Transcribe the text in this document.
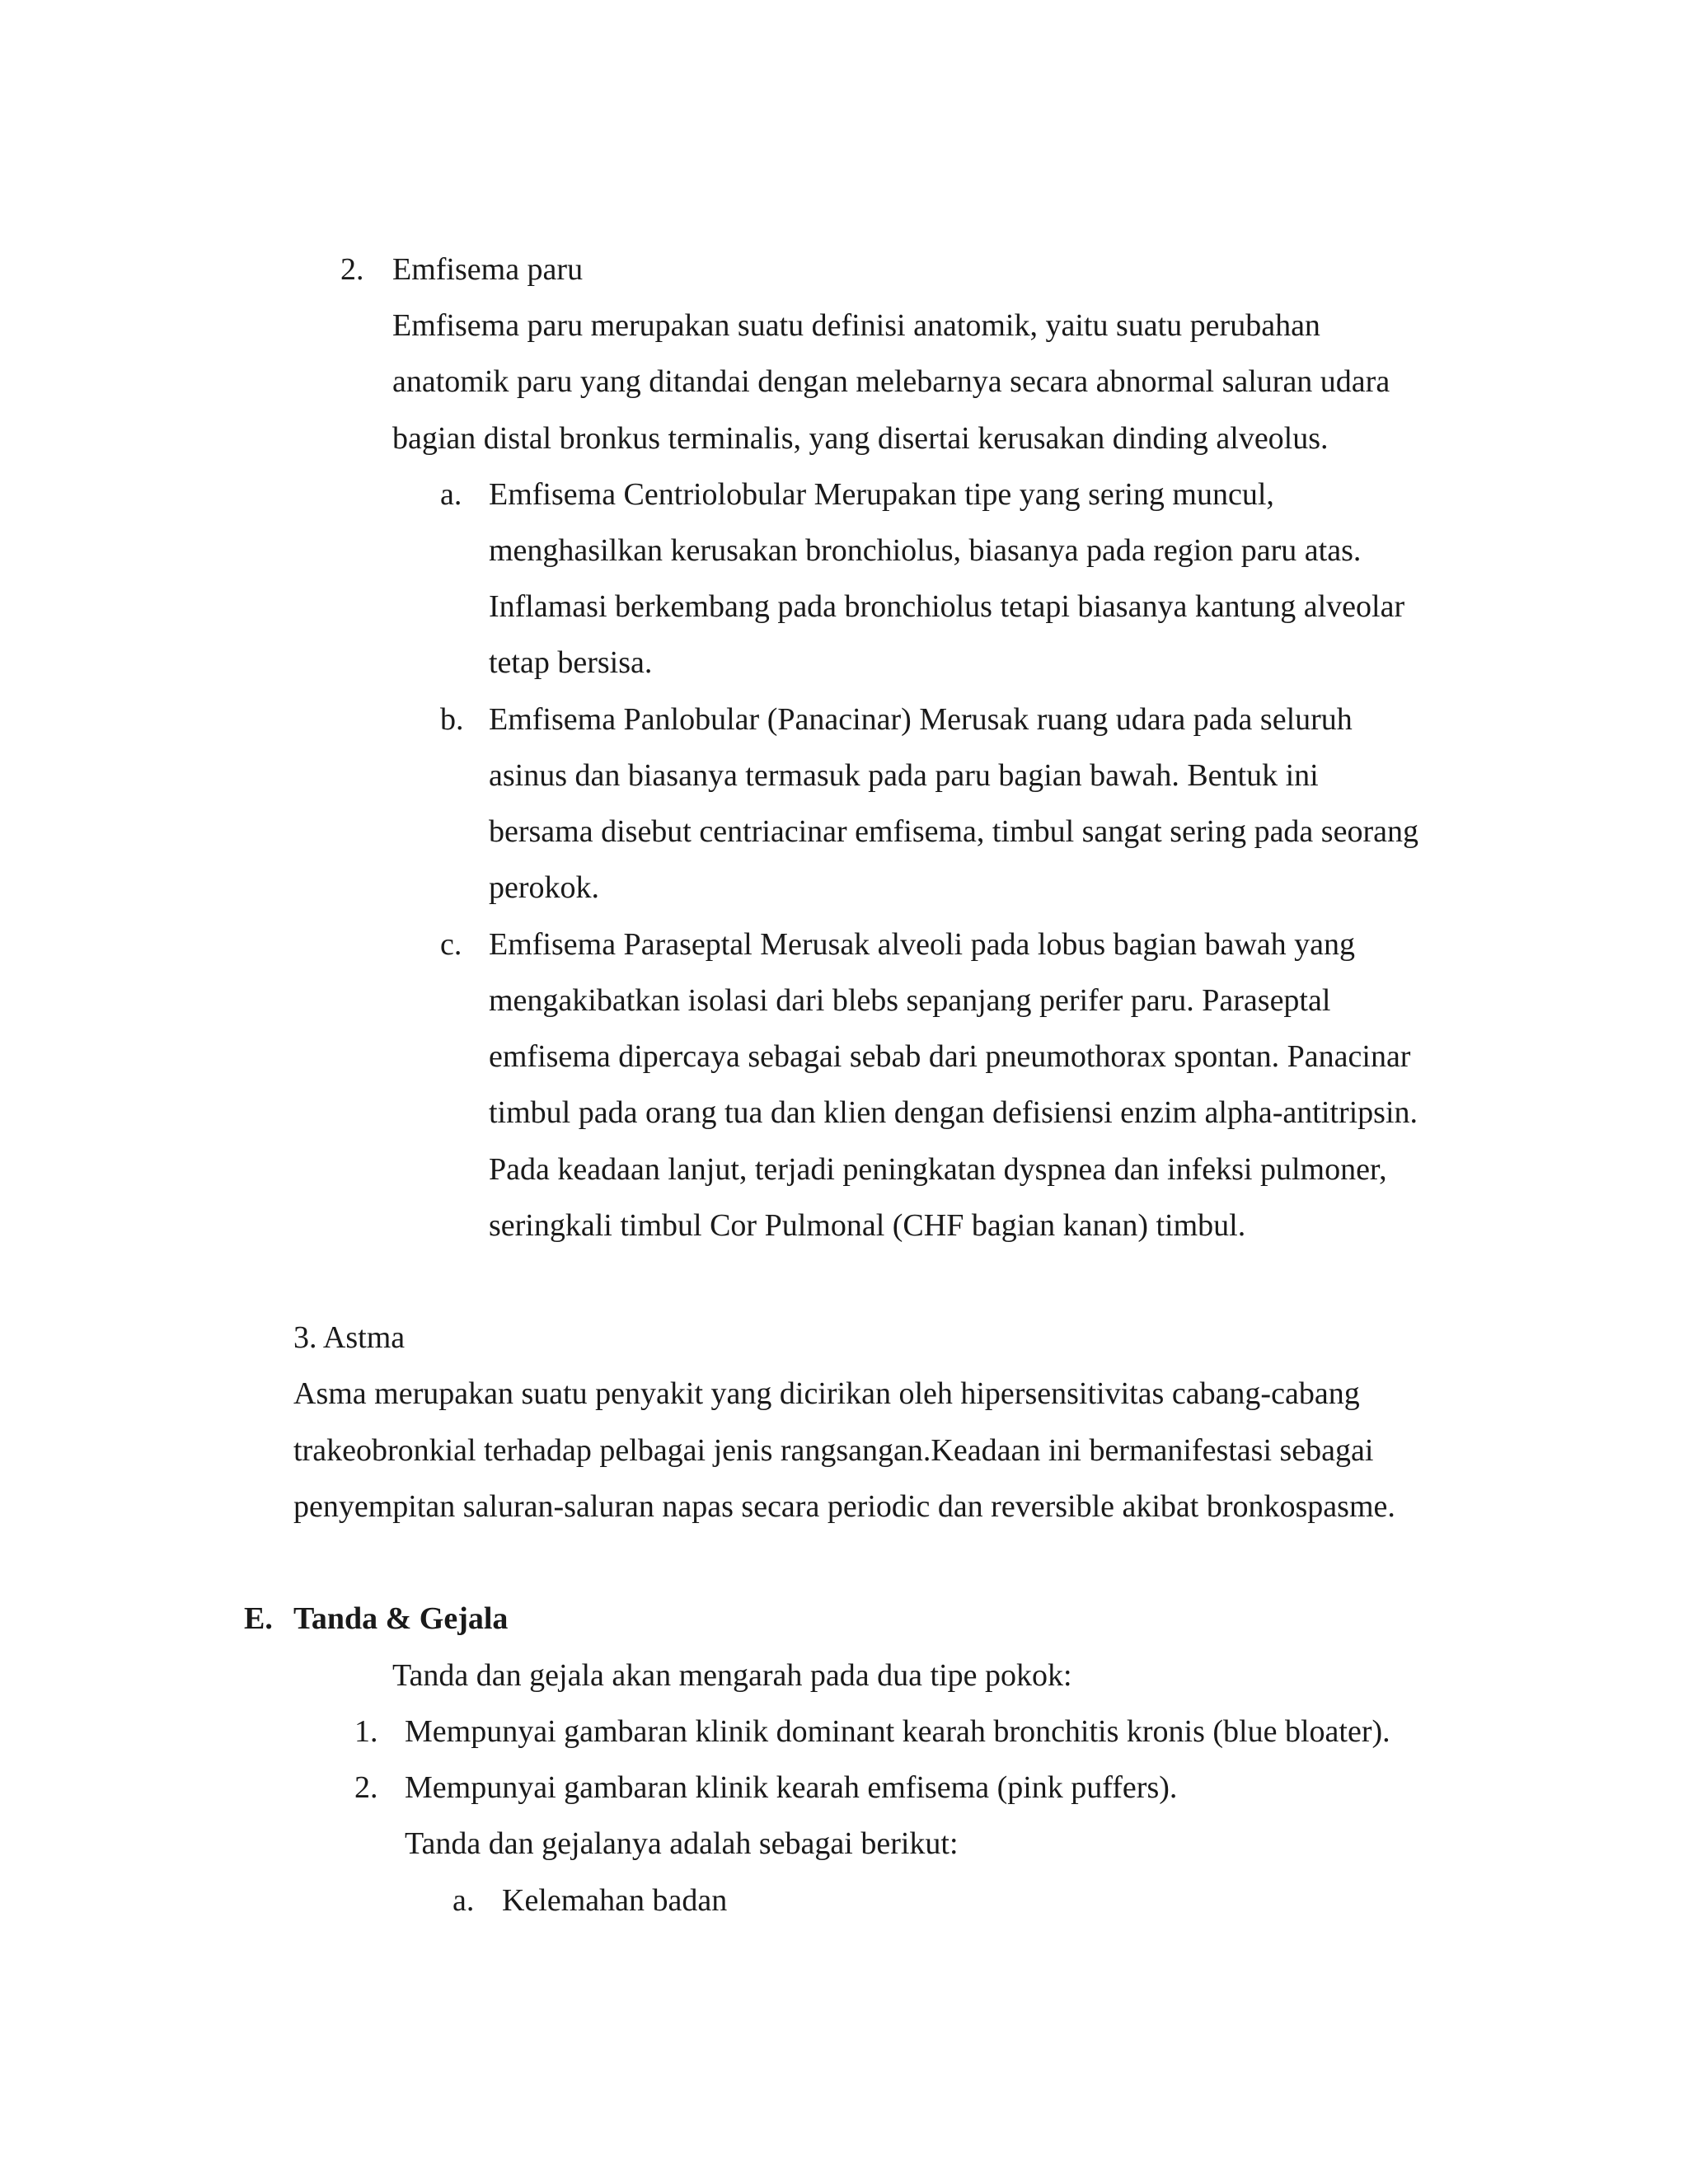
2. Emfisema paru
Emfisema paru merupakan suatu definisi anatomik, yaitu suatu perubahan
anatomik paru yang ditandai dengan melebarnya secara abnormal saluran udara
bagian distal bronkus terminalis, yang disertai kerusakan dinding alveolus.
a. Emfisema Centriolobular Merupakan tipe yang sering muncul,
menghasilkan kerusakan bronchiolus, biasanya pada region paru atas.
Inflamasi berkembang pada bronchiolus tetapi biasanya kantung alveolar
tetap bersisa.
b. Emfisema Panlobular (Panacinar) Merusak ruang udara pada seluruh
asinus dan biasanya termasuk pada paru bagian bawah. Bentuk ini
bersama disebut centriacinar emfisema, timbul sangat sering pada seorang
perokok.
c. Emfisema Paraseptal Merusak alveoli pada lobus bagian bawah yang
mengakibatkan isolasi dari blebs sepanjang perifer paru. Paraseptal
emfisema dipercaya sebagai sebab dari pneumothorax spontan. Panacinar
timbul pada orang tua dan klien dengan defisiensi enzim alpha-antitripsin.
Pada keadaan lanjut, terjadi peningkatan dyspnea dan infeksi pulmoner,
seringkali timbul Cor Pulmonal (CHF bagian kanan) timbul.
3. Astma
Asma merupakan suatu penyakit yang dicirikan oleh hipersensitivitas cabang-cabang
trakeobronkial terhadap pelbagai jenis rangsangan.Keadaan ini bermanifestasi sebagai
penyempitan saluran-saluran napas secara periodic dan reversible akibat bronkospasme.
E. Tanda & Gejala
Tanda dan gejala akan mengarah pada dua tipe pokok:
1. Mempunyai gambaran klinik dominant kearah bronchitis kronis (blue bloater).
2. Mempunyai gambaran klinik kearah emfisema (pink puffers).
Tanda dan gejalanya adalah sebagai berikut:
a. Kelemahan badan
